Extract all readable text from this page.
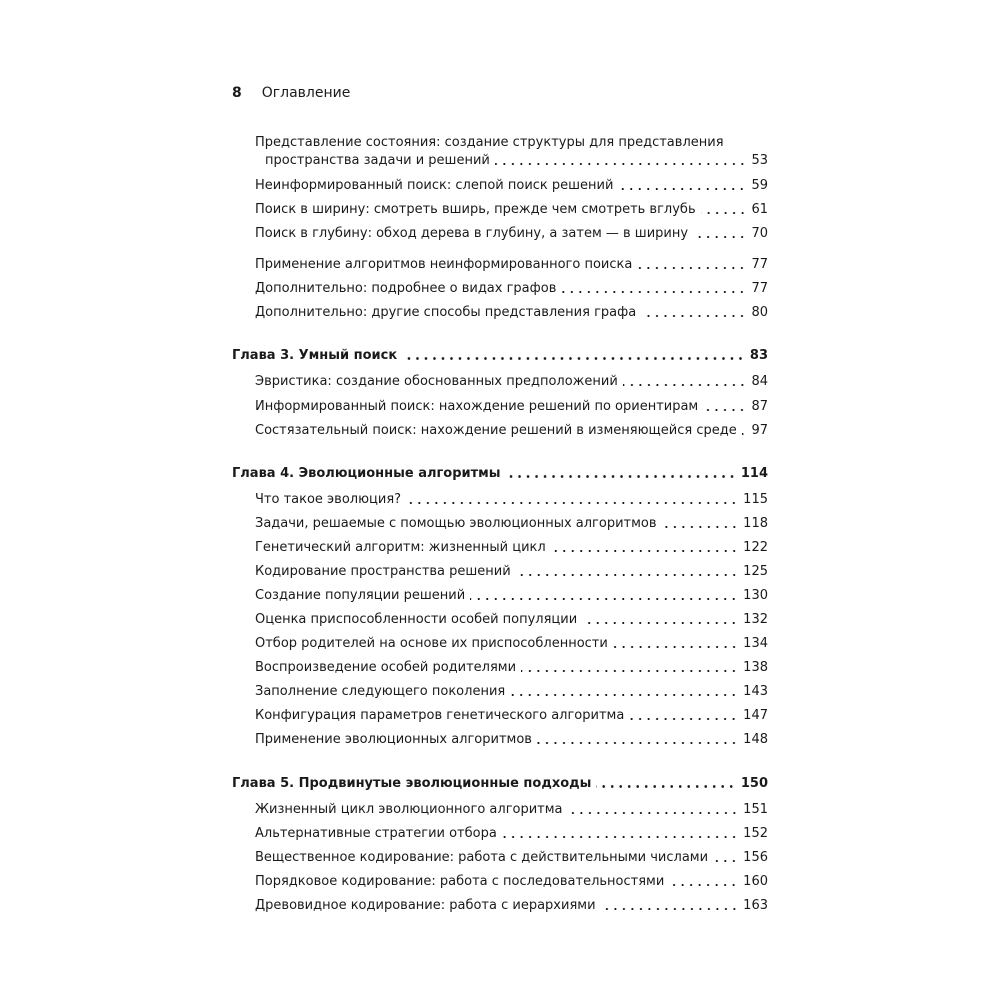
8 Оглавление
Представление состояния: создание структуры для представления
пространства задачи и решений	53
Неинформированный поиск: слепой поиск решений	59
Поиск в ширину: смотреть вширь, прежде чем смотреть вглубь	61
Поиск в глубину: обход дерева в глубину, а затем — в ширину	70
Применение алгоритмов неинформированного поиска	77
Дополнительно: подробнее о видах графов	77
Дополнительно: другие способы представления графа	80
Глава 3. Умный поиск	83
Эвристика: создание обоснованных предположений	84
Информированный поиск: нахождение решений по ориентирам	87
Состязательный поиск: нахождение решений в изменяющейся среде 97
Глава 4. Эволюционные алгоритмы	114
Что такое эволюция?	115
Задачи, решаемые с помощью эволюционных алгоритмов	118
Генетический алгоритм: жизненный цикл	122
Кодирование пространства решений	125
Создание популяции решений	130
Оценка приспособленности особей популяции	132
Отбор родителей на основе их приспособленности	134
Воспроизведение особей родителями	138
Заполнение следующего поколения	143
Конфигурация параметров генетического алгоритма	147
Применение эволюционных алгоритмов	148
Глава 5. Продвинутые эволюционные подходы	150
Жизненный цикл эволюционного алгоритма	151
Альтернативные стратегии отбора	152
Вещественное кодирование: работа с действительными числами	156
Порядковое кодирование: работа с последовательностями	160
Древовидное кодирование: работа с иерархиями	163
